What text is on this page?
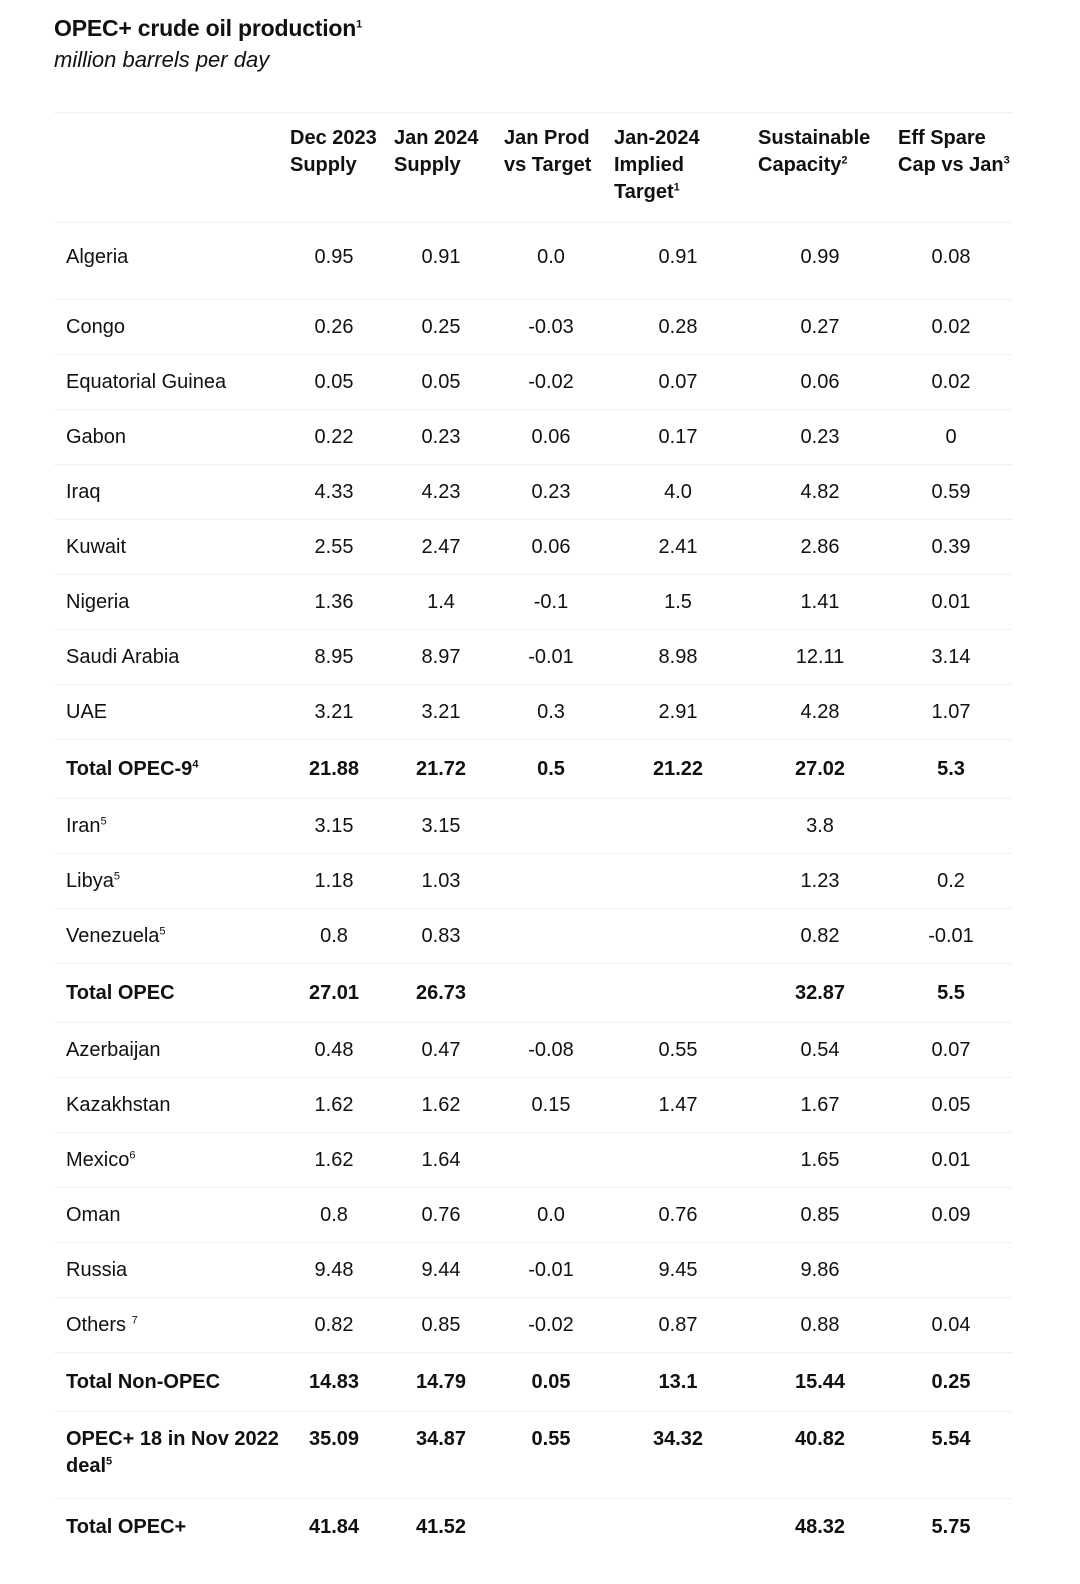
OPEC+ crude oil production$^1$
million barrels per day
	Dec 2023 Supply	Jan 2024 Supply	Jan Prod vs Target	Jan-2024 Implied Target$^1$	Sustainable Capacity$^2$	Eff Spare Cap vs Jan$^3$
Algeria	0.95	0.91	0.0	0.91	0.99	0.08
Congo	0.26	0.25	-0.03	0.28	0.27	0.02
Equatorial Guinea	0.05	0.05	-0.02	0.07	0.06	0.02
Gabon	0.22	0.23	0.06	0.17	0.23	0
Iraq	4.33	4.23	0.23	4.0	4.82	0.59
Kuwait	2.55	2.47	0.06	2.41	2.86	0.39
Nigeria	1.36	1.4	-0.1	1.5	1.41	0.01
Saudi Arabia	8.95	8.97	-0.01	8.98	12.11	3.14
UAE	3.21	3.21	0.3	2.91	4.28	1.07
Total OPEC-$9^4$	21.88	21.72	0.5	21.22	27.02	5.3
Iran$^5$	3.15	3.15			3.8	
Libya$^5$	1.18	1.03			1.23	0.2
Venezuela$^5$	0.8	0.83			0.82	-0.01
Total OPEC	27.01	26.73			32.87	5.5
Azerbaijan	0.48	0.47	-0.08	0.55	0.54	0.07
Kazakhstan	1.62	1.62	0.15	1.47	1.67	0.05
Mexico$^6$	1.62	1.64			1.65	0.01
Oman	0.8	0.76	0.0	0.76	0.85	0.09
Russia	9.48	9.44	-0.01	9.45	9.86	
Others $^7$	0.82	0.85	-0.02	0.87	0.88	0.04
Total Non-OPEC	14.83	14.79	0.05	13.1	15.44	0.25
OPEC+ 18 in Nov 2022 deal$^5$	35.09	34.87	0.55	34.32	40.82	5.54
Total OPEC+	41.84	41.52			48.32	5.75
